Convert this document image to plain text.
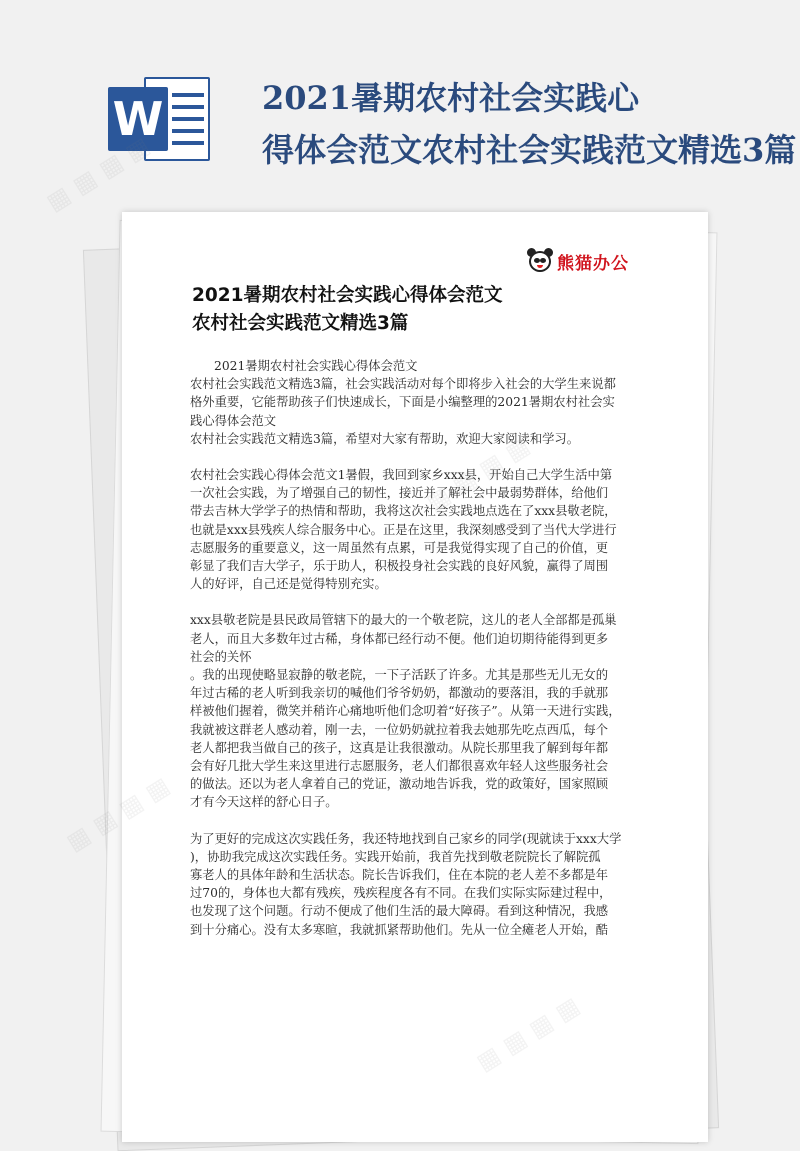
W	2021暑期农村社会实践心
得体会范文农村社会实践范文精选3篇
熊猫办公
2021暑期农村社会实践心得体会范文
农村社会实践范文精选3篇

2021暑期农村社会实践心得体会范文
农村社会实践范文精选3篇，社会实践活动对每个即将步入社会的大学生来说都
格外重要，它能帮助孩子们快速成长，下面是小编整理的2021暑期农村社会实
践心得体会范文
农村社会实践范文精选3篇，希望对大家有帮助，欢迎大家阅读和学习。

农村社会实践心得体会范文1暑假，我回到家乡xxx县，开始自己大学生活中第
一次社会实践，为了增强自己的韧性，接近并了解社会中最弱势群体，给他们
带去吉林大学学子的热情和帮助，我将这次社会实践地点选在了xxx县敬老院，
也就是xxx县残疾人综合服务中心。正是在这里，我深刻感受到了当代大学进行
志愿服务的重要意义，这一周虽然有点累，可是我觉得实现了自己的价值，更
彰显了我们吉大学子，乐于助人，积极投身社会实践的良好风貌，赢得了周围
人的好评，自己还是觉得特别充实。

xxx县敬老院是县民政局管辖下的最大的一个敬老院，这儿的老人全部都是孤巢
老人，而且大多数年过古稀，身体都已经行动不便。他们迫切期待能得到更多
社会的关怀
。我的出现使略显寂静的敬老院，一下子活跃了许多。尤其是那些无儿无女的
年过古稀的老人听到我亲切的喊他们爷爷奶奶，都激动的要落泪，我的手就那
样被他们握着，微笑并稍许心痛地听他们念叨着“好孩子”。从第一天进行实践，
我就被这群老人感动着，刚一去，一位奶奶就拉着我去她那先吃点西瓜，每个
老人都把我当做自己的孩子，这真是让我很激动。从院长那里我了解到每年都
会有好几批大学生来这里进行志愿服务，老人们都很喜欢年轻人这些服务社会
的做法。还以为老人拿着自己的党证，激动地告诉我，党的政策好，国家照顾
才有今天这样的舒心日子。

为了更好的完成这次实践任务，我还特地找到自己家乡的同学(现就读于xxx大学
)，协助我完成这次实践任务。实践开始前，我首先找到敬老院院长了解院孤
寡老人的具体年龄和生活状态。院长告诉我们，住在本院的老人差不多都是年
过70的，身体也大都有残疾，残疾程度各有不同。在我们实际实际建过程中，
也发现了这个问题。行动不便成了他们生活的最大障碍。看到这种情况，我感
到十分痛心。没有太多寒暄，我就抓紧帮助他们。先从一位全瘫老人开始，酷

▦ ▦ ▦ ▦
▦
